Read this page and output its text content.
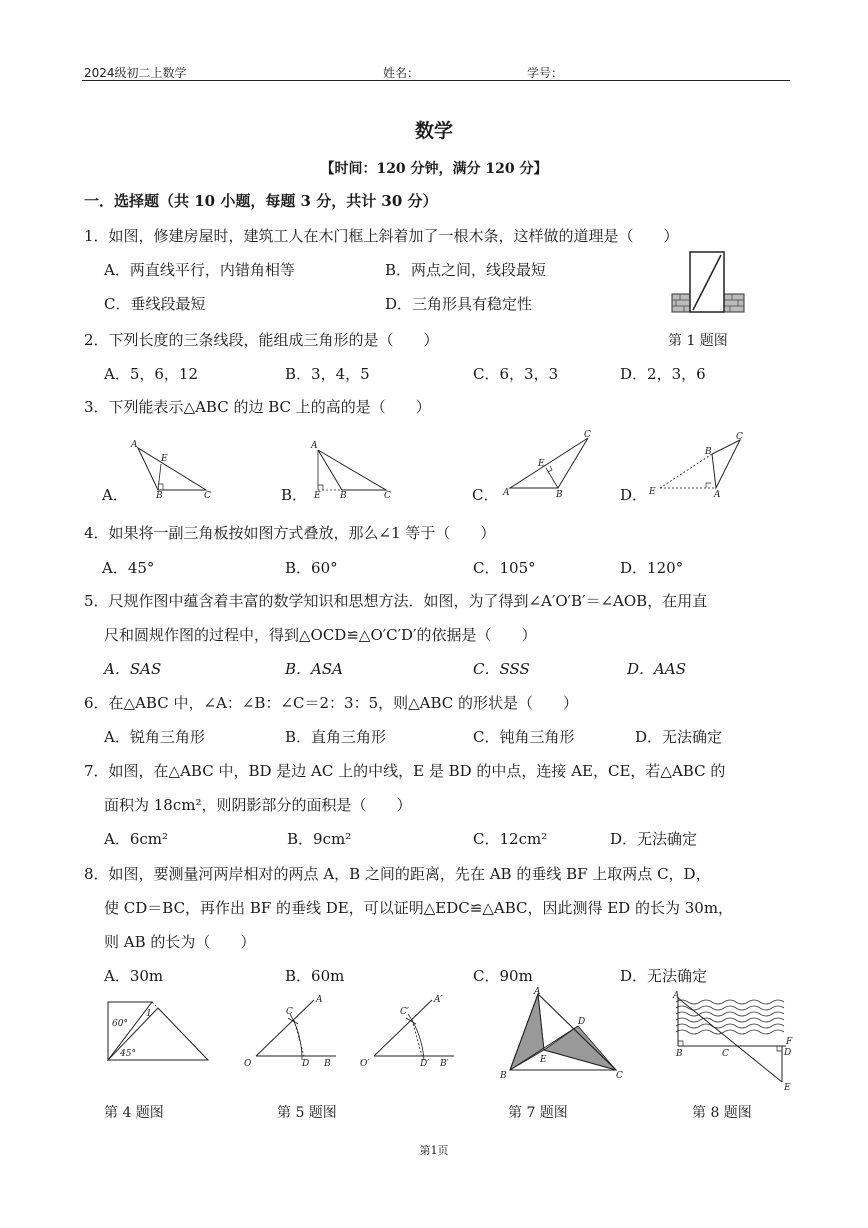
2024级初二上数学	姓名：	学号：
数学
【时间：120 分钟，满分 120 分】
一．选择题（共 10 小题，每题 3 分，共计 30 分）
1．如图，修建房屋时，建筑工人在木门框上斜着加了一根木条，这样做的道理是（　　）
A．两直线平行，内错角相等	B．两点之间，线段最短
C．垂线段最短	D．三角形具有稳定性
第 1 题图
2．下列长度的三条线段，能组成三角形的是（　　）
A．5，6，12	B．3，4，5	C．6，3，3	D．2，3，6
3．下列能表示△ABC 的边 BC 上的高的是（　　）
A．	B．	C．	D．
A
E
B	C
A
E B	C
C
E
A	B
C
B
E	A
4．如果将一副三角板按如图方式叠放，那么∠1 等于（　　）
A．45°	B．60°	C．105°	D．120°
5．尺规作图中蕴含着丰富的数学知识和思想方法．如图，为了得到∠A′O′B′＝∠AOB，在用直
尺和圆规作图的过程中，得到△OCD≌△O′C′D′的依据是（　　）
A．SAS	B．ASA	C．SSS	D．AAS
6．在△ABC 中，∠A：∠B：∠C＝2：3：5，则△ABC 的形状是（　　）
A．锐角三角形	B．直角三角形	C．钝角三角形	D．无法确定
7．如图，在△ABC 中，BD 是边 AC 上的中线，E 是 BD 的中点，连接 AE，CE，若△ABC 的
面积为 18cm²，则阴影部分的面积是（　　）
A．6cm²	B．9cm²	C．12cm²	D．无法确定
8．如图，要测量河两岸相对的两点 A，B 之间的距离，先在 AB 的垂线 BF 上取两点 C，D，
使 CD＝BC，再作出 BF 的垂线 DE，可以证明△EDC≌△ABC，因此测得 ED 的长为 30m，
则 AB 的长为（　　）
A．30m	B．60m	C．90m	D．无法确定
60°
1
45°
A
C
O	D B
A′
C′
O′	D′ B′
A
D
E
B	C
A
B	C
F
D
E
第 4 题图	第 5 题图	第 7 题图	第 8 题图
第1页
